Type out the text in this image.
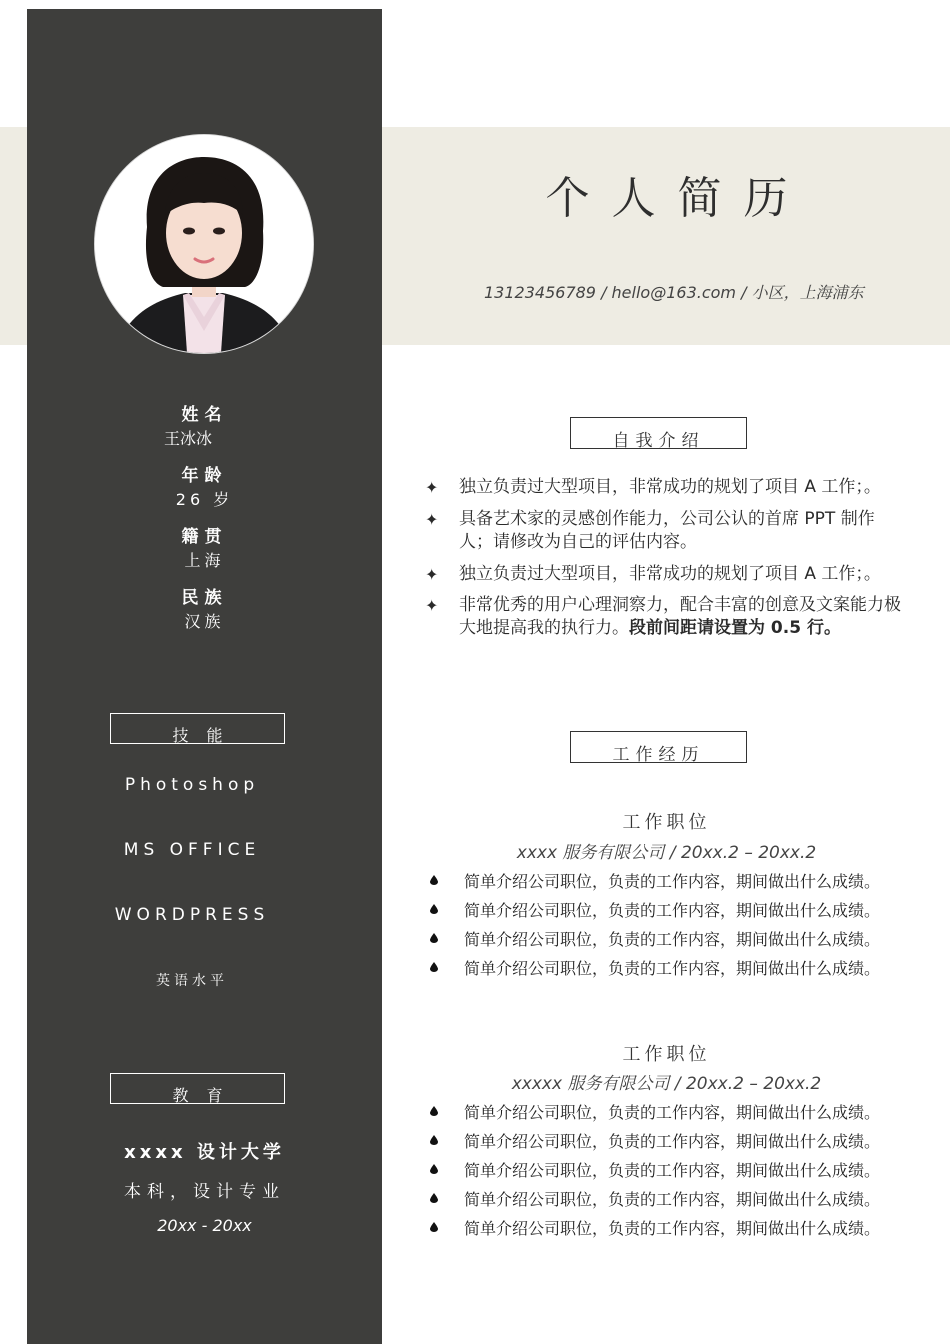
姓名
王冰冰
年龄
26 岁
籍贯
上海
民族
汉族
技能
Photoshop
MS OFFICE
WORDPRESS
英语水平
教育
xxxx 设计大学
本科，设计专业
20xx - 20xx
个人简历
13123456789 / hello@163.com / 小区，上海浦东
自我介绍
✦ 独立负责过大型项目，非常成功的规划了项目 A 工作；。
✦ 具备艺术家的灵感创作能力，公司公认的首席 PPT 制作人；请修改为自己的评估内容。
✦ 独立负责过大型项目，非常成功的规划了项目 A 工作；。
✦ 非常优秀的用户心理洞察力，配合丰富的创意及文案能力极大地提高我的执行力。段前间距请设置为 0.5 行。
工作经历
工作职位
xxxx 服务有限公司 / 20xx.2 – 20xx.2
简单介绍公司职位，负责的工作内容，期间做出什么成绩。
简单介绍公司职位，负责的工作内容，期间做出什么成绩。
简单介绍公司职位，负责的工作内容，期间做出什么成绩。
简单介绍公司职位，负责的工作内容，期间做出什么成绩。
工作职位
xxxxx 服务有限公司 / 20xx.2 – 20xx.2
简单介绍公司职位，负责的工作内容，期间做出什么成绩。
简单介绍公司职位，负责的工作内容，期间做出什么成绩。
简单介绍公司职位，负责的工作内容，期间做出什么成绩。
简单介绍公司职位，负责的工作内容，期间做出什么成绩。
简单介绍公司职位，负责的工作内容，期间做出什么成绩。
